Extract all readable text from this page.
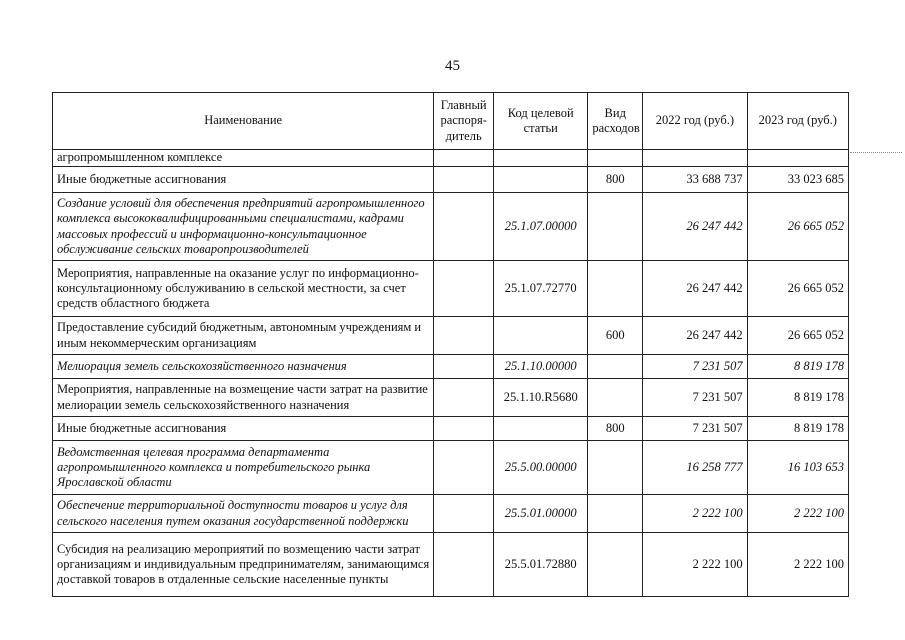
45
Наименование	Главный распоря-дитель	Код целевой статьи	Вид расходов	2022 год (руб.)	2023 год (руб.)
агропромышленном комплексе					
Иные бюджетные ассигнования			800	33 688 737	33 023 685
Создание условий для обеспечения предприятий агропромышленного комплекса высококвалифицированными специалистами, кадрами массовых профессий и информационно-консультационное обслуживание сельских товаропроизводителей		25.1.07.00000		26 247 442	26 665 052
Мероприятия, направленные на оказание услуг по информационно-консультационному обслуживанию в сельской местности, за счет средств областного бюджета		25.1.07.72770		26 247 442	26 665 052
Предоставление субсидий бюджетным, автономным учреждениям и иным некоммерческим организациям			600	26 247 442	26 665 052
Мелиорация земель сельскохозяйственного назначения		25.1.10.00000		7 231 507	8 819 178
Мероприятия, направленные на возмещение части затрат на развитие мелиорации земель сельскохозяйственного назначения		25.1.10.R5680		7 231 507	8 819 178
Иные бюджетные ассигнования			800	7 231 507	8 819 178
Ведомственная целевая программа департамента агропромышленного комплекса и потребительского рынка Ярославской области		25.5.00.00000		16 258 777	16 103 653
Обеспечение территориальной доступности товаров и услуг для сельского населения путем оказания государственной поддержки		25.5.01.00000		2 222 100	2 222 100
Субсидия на реализацию мероприятий по возмещению части затрат организациям и индивидуальным предпринимателям, занимающимся доставкой товаров в отдаленные сельские населенные пункты		25.5.01.72880		2 222 100	2 222 100
